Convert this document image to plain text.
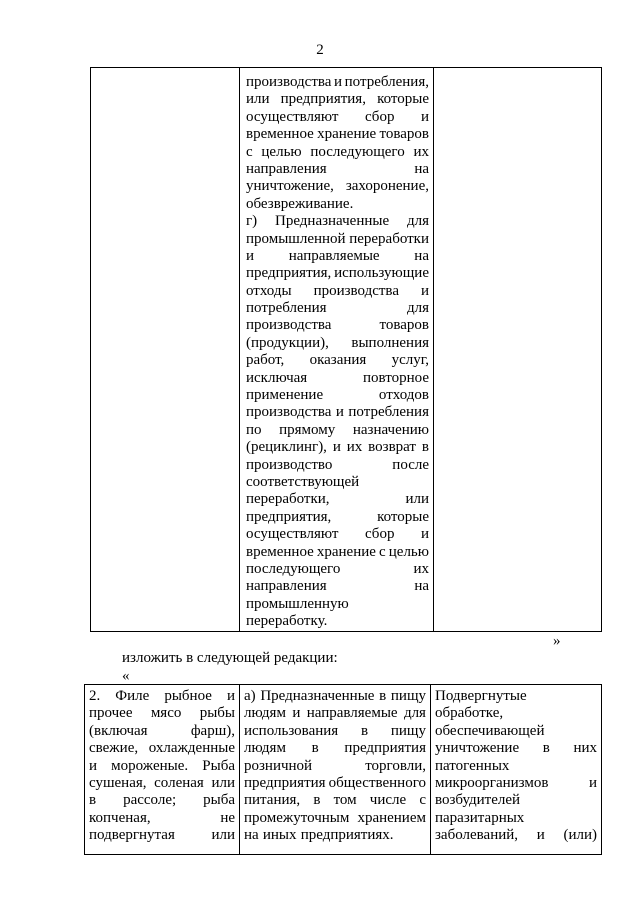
2

производства и потребления,
или предприятия, которые
осуществляют сбор и
временное хранение товаров
с целью последующего их
направления	на
уничтожение, захоронение,
обезвреживание.
г) Предназначенные для
промышленной переработки
и направляемые на
предприятия, использующие
отходы производства и
потребления	для
производства	товаров
(продукции), выполнения
работ, оказания услуг,
исключая	повторное
применение	отходов
производства и потребления
по прямому назначению
(рециклинг), и их возврат в
производство	после
соответствующей
переработки,	или
предприятия,	которые
осуществляют сбор и
временное хранение с целью
последующего	их
направления	на
промышленную
переработку.

»
изложить в следующей редакции:
«
2. Филе рыбное и
прочее мясо рыбы
(включая	фарш),
свежие, охлажденные
и мороженые. Рыба
сушеная, соленая или
в рассоле; рыба
копченая,	не
подвергнутая или

а) Предназначенные в пищу
людям и направляемые для
использования в пищу
людям в предприятия
розничной	торговли,
предприятия общественного
питания, в том числе с
промежуточным хранением
на иных предприятиях.

Подвергнутые
обработке,
обеспечивающей
уничтожение в них
патогенных
микроорганизмов	и
возбудителей
паразитарных
заболеваний, и (или)
